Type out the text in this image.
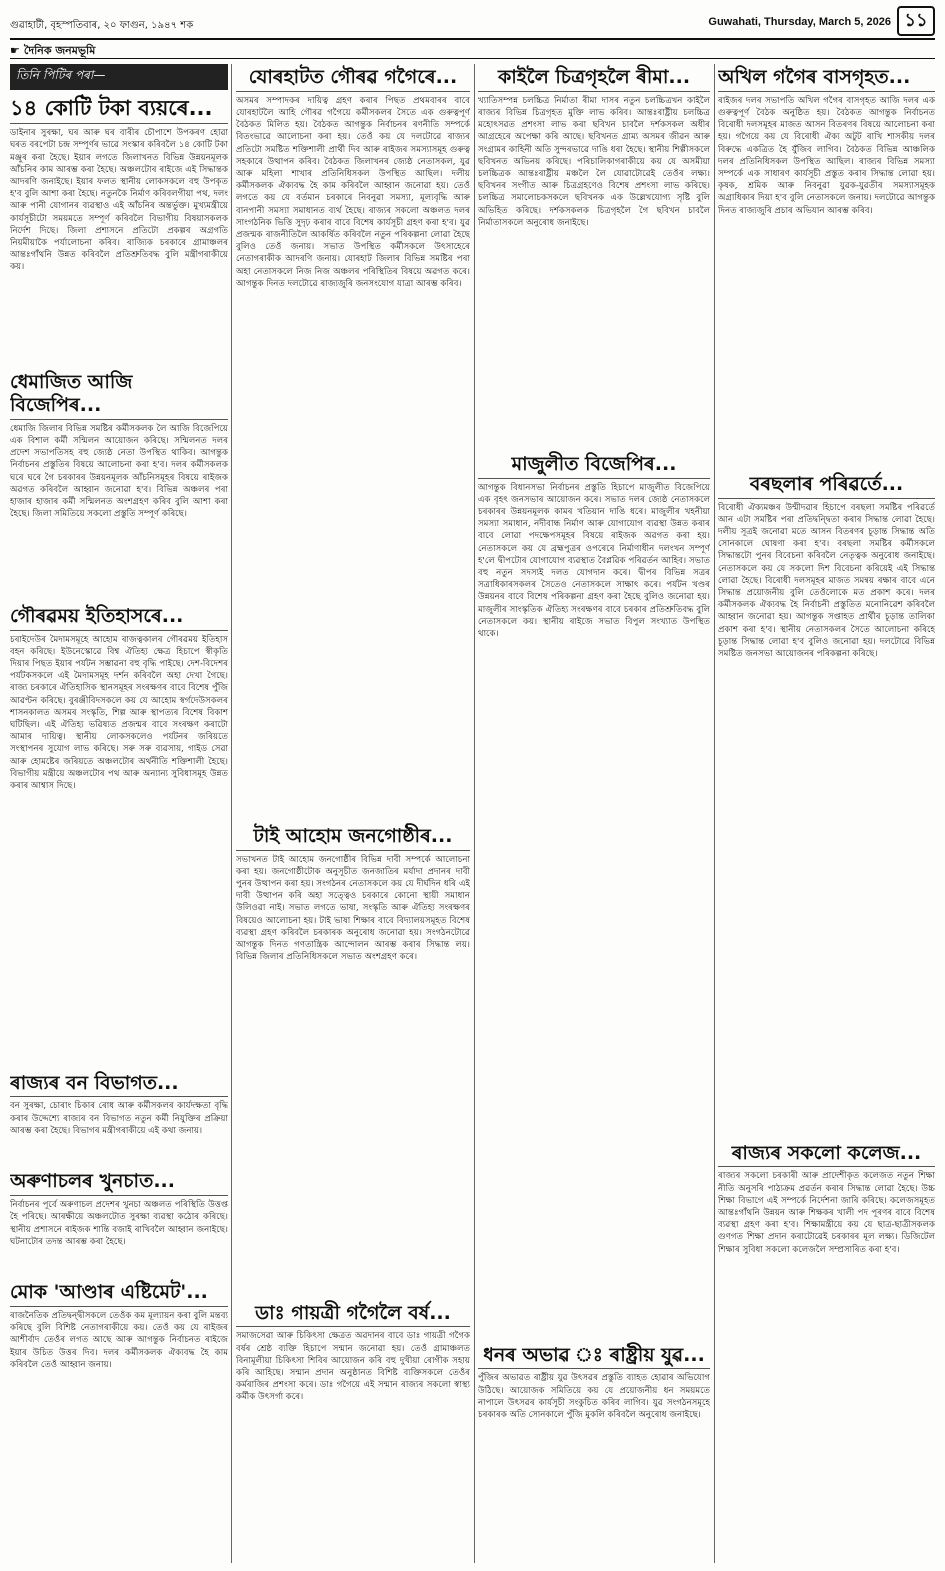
গুৱাহাটী, বৃহস্পতিবাৰ, ২০ ফাগুন, ১৯৪৭ শক	Guwahati, Thursday, March 5, 2026 ১১
☛ দৈনিক জনমভূমি
তিনি পিটিৰ পৰা—
১৪ কোটি টকা ব্যয়ৰে...
ডাইনাৰ সুৰক্ষা, ঘৰ আৰু ঘৰ বাৰীৰ চৌপাশে উপকৰণ হোৱা ঘৰত বৰপেটা চন্দ্ৰ সম্পূৰ্ণৰ ভাৱে সংস্কাৰ কৰিবলৈ ১৪ কোটি টকা মঞ্জুৰ কৰা হৈছে। ইয়াৰ লগতে জিলাখনত বিভিন্ন উন্নয়নমূলক আঁচনিৰ কাম আৰম্ভ কৰা হৈছে। অঞ্চলটোৰ ৰাইজে এই সিদ্ধান্তক আদৰণি জনাইছে। ইয়াৰ ফলত স্থানীয় লোকসকলে বহু উপকৃত হ'ব বুলি আশা কৰা হৈছে। নতুনকৈ নিৰ্মাণ কৰিবলগীয়া পথ, দলং আৰু পানী যোগানৰ ব্যৱস্থাও এই আঁচনিৰ অন্তৰ্ভুক্ত। মুখ্যমন্ত্ৰীয়ে কাৰ্যসূচীটো সময়মতে সম্পূৰ্ণ কৰিবলৈ বিভাগীয় বিষয়াসকলক নিৰ্দেশ দিছে। জিলা প্ৰশাসনে প্ৰতিটো প্ৰকল্পৰ অগ্ৰগতি নিয়মীয়াকৈ পৰ্যালোচনা কৰিব। ৰাজ্যিক চৰকাৰে গ্ৰামাঞ্চলৰ আন্তঃগাঁথনি উন্নত কৰিবলৈ প্ৰতিশ্ৰুতিবদ্ধ বুলি মন্ত্ৰীগৰাকীয়ে কয়।
ধেমাজিত আজি বিজেপিৰ...
ধেমাজি জিলাৰ বিভিন্ন সমষ্টিৰ কৰ্মীসকলক লৈ আজি বিজেপিয়ে এক বিশাল কৰ্মী সন্মিলন আয়োজন কৰিছে। সন্মিলনত দলৰ প্ৰদেশ সভাপতিসহ বহু জ্যেষ্ঠ নেতা উপস্থিত থাকিব। আগন্তুক নিৰ্বাচনৰ প্ৰস্তুতিৰ বিষয়ে আলোচনা কৰা হ'ব। দলৰ কৰ্মীসকলক ঘৰে ঘৰে গৈ চৰকাৰৰ উন্নয়নমূলক আঁচনিসমূহৰ বিষয়ে ৰাইজক অৱগত কৰিবলৈ আহ্বান জনোৱা হ'ব। বিভিন্ন অঞ্চলৰ পৰা হাজাৰ হাজাৰ কৰ্মী সন্মিলনত অংশগ্ৰহণ কৰিব বুলি আশা কৰা হৈছে। জিলা সমিতিয়ে সকলো প্ৰস্তুতি সম্পূৰ্ণ কৰিছে।
গৌৰৱময় ইতিহাসৰে...
চৰাইদেউৰ মৈদামসমূহে আহোম ৰাজত্বকালৰ গৌৰৱময় ইতিহাস বহন কৰিছে। ইউনেস্কোৱে বিশ্ব ঐতিহ্য ক্ষেত্ৰ হিচাপে স্বীকৃতি দিয়াৰ পিছত ইয়াৰ পৰ্যটন সম্ভাৱনা বহু বৃদ্ধি পাইছে। দেশ-বিদেশৰ পৰ্যটকসকলে এই মৈদামসমূহ দৰ্শন কৰিবলৈ অহা দেখা গৈছে। ৰাজ্য চৰকাৰে ঐতিহাসিক স্থানসমূহৰ সংৰক্ষণৰ বাবে বিশেষ পুঁজি আৱণ্টন কৰিছে। বুৰঞ্জীবিদসকলে কয় যে আহোম স্বৰ্গদেউসকলৰ শাসনকালত অসমৰ সংস্কৃতি, শিল্প আৰু স্থাপত্যৰ বিশেষ বিকাশ ঘটিছিল। এই ঐতিহ্য ভৱিষ্যত প্ৰজন্মৰ বাবে সংৰক্ষণ কৰাটো আমাৰ দায়িত্ব। স্থানীয় লোকসকলেও পৰ্যটনৰ জৰিয়তে সংস্থাপনৰ সুযোগ লাভ কৰিছে। সৰু সৰু ব্যৱসায়, গাইড সেৱা আৰু হোমষ্টেৰ জৰিয়তে অঞ্চলটোৰ অৰ্থনীতি শক্তিশালী হৈছে। বিভাগীয় মন্ত্ৰীয়ে অঞ্চলটোৰ পথ আৰু অন্যান্য সুবিধাসমূহ উন্নত কৰাৰ আশ্বাস দিছে।
ৰাজ্যৰ বন বিভাগত...
বন সুৰক্ষা, চোৰাং চিকাৰ ৰোধ আৰু কৰ্মীসকলৰ কাৰ্যদক্ষতা বৃদ্ধি কৰাৰ উদ্দেশ্যে ৰাজ্যৰ বন বিভাগত নতুন কৰ্মী নিযুক্তিৰ প্ৰক্ৰিয়া আৰম্ভ কৰা হৈছে। বিভাগৰ মন্ত্ৰীগৰাকীয়ে এই কথা জনায়।
অৰুণাচলৰ খুনচাত...
নিৰ্বাচনৰ পূৰ্বে অৰুণাচল প্ৰদেশৰ খুনচা অঞ্চলত পৰিস্থিতি উত্তপ্ত হৈ পৰিছে। আৰক্ষীয়ে অঞ্চলটোত সুৰক্ষা ব্যৱস্থা কঠোৰ কৰিছে। স্থানীয় প্ৰশাসনে ৰাইজক শান্তি বজাই ৰাখিবলৈ আহ্বান জনাইছে। ঘটনাটোৰ তদন্ত আৰম্ভ কৰা হৈছে।
মোক 'আণ্ডাৰ এষ্টিমেট'...
ৰাজনৈতিক প্ৰতিদ্বন্দ্বীসকলে তেওঁক কম মূল্যায়ন কৰা বুলি মন্তব্য কৰিছে বুলি বিশিষ্ট নেতাগৰাকীয়ে কয়। তেওঁ কয় যে ৰাইজৰ আশীৰ্বাদ তেওঁৰ লগত আছে আৰু আগন্তুক নিৰ্বাচনত ৰাইজে ইয়াৰ উচিত উত্তৰ দিব। দলৰ কৰ্মীসকলক ঐক্যবদ্ধ হৈ কাম কৰিবলৈ তেওঁ আহ্বান জনায়।
যোৰহাটত গৌৰৱ গগৈৰে...
অসমৰ সম্পাদকৰ দায়িত্ব গ্ৰহণ কৰাৰ পিছত প্ৰথমবাৰৰ বাবে যোৰহাটলৈ আহি গৌৰৱ গগৈয়ে কৰ্মীসকলৰ সৈতে এক গুৰুত্বপূৰ্ণ বৈঠকত মিলিত হয়। বৈঠকত আগন্তুক নিৰ্বাচনৰ ৰণনীতি সম্পৰ্কে বিতংভাৱে আলোচনা কৰা হয়। তেওঁ কয় যে দলটোৱে ৰাজ্যৰ প্ৰতিটো সমষ্টিত শক্তিশালী প্ৰাৰ্থী দিব আৰু ৰাইজৰ সমস্যাসমূহ গুৰুত্ব সহকাৰে উত্থাপন কৰিব। বৈঠকত জিলাখনৰ জ্যেষ্ঠ নেতাসকল, যুৱ আৰু মহিলা শাখাৰ প্ৰতিনিধিসকল উপস্থিত আছিল। দলীয় কৰ্মীসকলক ঐক্যবদ্ধ হৈ কাম কৰিবলৈ আহ্বান জনোৱা হয়। তেওঁ লগতে কয় যে বৰ্তমান চৰকাৰে নিবনুৱা সমস্যা, মূল্যবৃদ্ধি আৰু বানপানী সমস্যা সমাধানত ব্যৰ্থ হৈছে। ৰাজ্যৰ সকলো অঞ্চলত দলৰ সাংগঠনিক ভিত্তি সুদৃঢ় কৰাৰ বাবে বিশেষ কাৰ্যসূচী গ্ৰহণ কৰা হ'ব। যুৱ প্ৰজন্মক ৰাজনীতিলৈ আকৰ্ষিত কৰিবলৈ নতুন পৰিকল্পনা লোৱা হৈছে বুলিও তেওঁ জনায়। সভাত উপস্থিত কৰ্মীসকলে উৎসাহেৰে নেতাগৰাকীক আদৰণি জনায়। যোৰহাট জিলাৰ বিভিন্ন সমষ্টিৰ পৰা অহা নেতাসকলে নিজ নিজ অঞ্চলৰ পৰিস্থিতিৰ বিষয়ে অৱগত কৰে। আগন্তুক দিনত দলটোৱে ৰাজ্যজুৰি জনসংযোগ যাত্ৰা আৰম্ভ কৰিব।
টাই আহোম জনগোষ্ঠীৰ...
সভাখনত টাই আহোম জনগোষ্ঠীৰ বিভিন্ন দাবী সম্পৰ্কে আলোচনা কৰা হয়। জনগোষ্ঠীটোক অনুসূচীত জনজাতিৰ মৰ্যাদা প্ৰদানৰ দাবী পুনৰ উত্থাপন কৰা হয়। সংগঠনৰ নেতাসকলে কয় যে দীৰ্ঘদিন ধৰি এই দাবী উত্থাপন কৰি অহা সত্ত্বেও চৰকাৰে কোনো স্থায়ী সমাধান উলিওৱা নাই। সভাত লগতে ভাষা, সংস্কৃতি আৰু ঐতিহ্য সংৰক্ষণৰ বিষয়েও আলোচনা হয়। টাই ভাষা শিক্ষাৰ বাবে বিদ্যালয়সমূহত বিশেষ ব্যৱস্থা গ্ৰহণ কৰিবলৈ চৰকাৰক অনুৰোধ জনোৱা হয়। সংগঠনটোৱে আগন্তুক দিনত গণতান্ত্ৰিক আন্দোলন আৰম্ভ কৰাৰ সিদ্ধান্ত লয়। বিভিন্ন জিলাৰ প্ৰতিনিধিসকলে সভাত অংশগ্ৰহণ কৰে।
ডাঃ গায়ত্ৰী গগৈলৈ বৰ্ষ...
সমাজসেৱা আৰু চিকিৎসা ক্ষেত্ৰত অৱদানৰ বাবে ডাঃ গায়ত্ৰী গগৈক বৰ্ষৰ শ্ৰেষ্ঠ ব্যক্তি হিচাপে সন্মান জনোৱা হয়। তেওঁ গ্ৰামাঞ্চলত বিনামূলীয়া চিকিৎসা শিবিৰ আয়োজন কৰি বহু দুখীয়া ৰোগীক সহায় কৰি আহিছে। সন্মান প্ৰদান অনুষ্ঠানত বিশিষ্ট ব্যক্তিসকলে তেওঁৰ কৰ্মৰাজিৰ প্ৰশংসা কৰে। ডাঃ গগৈয়ে এই সন্মান ৰাজ্যৰ সকলো স্বাস্থ্য কৰ্মীক উৎসৰ্গা কৰে।
কাইলৈ চিত্ৰগৃহলৈ ৰীমা...
খ্যাতিসম্পন্ন চলচ্চিত্ৰ নিৰ্মাতা ৰীমা দাসৰ নতুন চলচ্চিত্ৰখন কাইলৈ ৰাজ্যৰ বিভিন্ন চিত্ৰগৃহত মুক্তি লাভ কৰিব। আন্তঃৰাষ্ট্ৰীয় চলচ্চিত্ৰ মহোৎসৱত প্ৰশংসা লাভ কৰা ছবিখন চাবলৈ দৰ্শকসকল অধীৰ আগ্ৰহেৰে অপেক্ষা কৰি আছে। ছবিখনত গ্ৰাম্য অসমৰ জীৱন আৰু সংগ্ৰামৰ কাহিনী অতি সুন্দৰভাৱে দাঙি ধৰা হৈছে। স্থানীয় শিল্পীসকলে ছবিখনত অভিনয় কৰিছে। পৰিচালিকাগৰাকীয়ে কয় যে অসমীয়া চলচ্চিত্ৰক আন্তঃৰাষ্ট্ৰীয় মঞ্চলৈ লৈ যোৱাটোৱেই তেওঁৰ লক্ষ্য। ছবিখনৰ সংগীত আৰু চিত্ৰগ্ৰহণেও বিশেষ প্ৰশংসা লাভ কৰিছে। চলচ্চিত্ৰ সমালোচকসকলে ছবিখনক এক উল্লেখযোগ্য সৃষ্টি বুলি অভিহিত কৰিছে। দৰ্শকসকলক চিত্ৰগৃহলৈ গৈ ছবিখন চাবলৈ নিৰ্মাতাসকলে অনুৰোধ জনাইছে।
মাজুলীত বিজেপিৰ...
আগন্তুক বিধানসভা নিৰ্বাচনৰ প্ৰস্তুতি হিচাপে মাজুলীত বিজেপিয়ে এক বৃহৎ জনসভাৰ আয়োজন কৰে। সভাত দলৰ জ্যেষ্ঠ নেতাসকলে চৰকাৰৰ উন্নয়নমূলক কামৰ খতিয়ান দাঙি ধৰে। মাজুলীৰ খহনীয়া সমস্যা সমাধান, নদীবান্ধ নিৰ্মাণ আৰু যোগাযোগ ব্যৱস্থা উন্নত কৰাৰ বাবে লোৱা পদক্ষেপসমূহৰ বিষয়ে ৰাইজক অৱগত কৰা হয়। নেতাসকলে কয় যে ব্ৰহ্মপুত্ৰৰ ওপৰেৰে নিৰ্মাণাধীন দলংখন সম্পূৰ্ণ হ'লে দ্বীপটোৰ যোগাযোগ ব্যৱস্থাত বৈপ্লৱিক পৰিৱৰ্তন আহিব। সভাত বহু নতুন সদস্যই দলত যোগদান কৰে। দ্বীপৰ বিভিন্ন সত্ৰৰ সত্ৰাধিকাৰসকলৰ সৈতেও নেতাসকলে সাক্ষাৎ কৰে। পৰ্যটন খণ্ডৰ উন্নয়নৰ বাবে বিশেষ পৰিকল্পনা গ্ৰহণ কৰা হৈছে বুলিও জনোৱা হয়। মাজুলীৰ সাংস্কৃতিক ঐতিহ্য সংৰক্ষণৰ বাবে চৰকাৰ প্ৰতিশ্ৰুতিবদ্ধ বুলি নেতাসকলে কয়। স্থানীয় ৰাইজে সভাত বিপুল সংখ্যাত উপস্থিত থাকে।
ধনৰ অভাৱ ঃ ৰাষ্ট্ৰীয় যুৱ...
পুঁজিৰ অভাৱত ৰাষ্ট্ৰীয় যুৱ উৎসৱৰ প্ৰস্তুতি ব্যাহত হোৱাৰ অভিযোগ উঠিছে। আয়োজক সমিতিয়ে কয় যে প্ৰয়োজনীয় ধন সময়মতে নাপালে উৎসৱৰ কাৰ্যসূচী সংকুচিত কৰিব লাগিব। যুৱ সংগঠনসমূহে চৰকাৰক অতি সোনকালে পুঁজি মুকলি কৰিবলৈ অনুৰোধ জনাইছে।
অখিল গগৈৰ বাসগৃহত...
ৰাইজৰ দলৰ সভাপতি অখিল গগৈৰ বাসগৃহত আজি দলৰ এক গুৰুত্বপূৰ্ণ বৈঠক অনুষ্ঠিত হয়। বৈঠকত আগন্তুক নিৰ্বাচনত বিৰোধী দলসমূহৰ মাজত আসন বিতৰণৰ বিষয়ে আলোচনা কৰা হয়। গগৈয়ে কয় যে বিৰোধী ঐক্য অটুট ৰাখি শাসকীয় দলৰ বিৰুদ্ধে একত্ৰিত হৈ যুঁজিব লাগিব। বৈঠকত বিভিন্ন আঞ্চলিক দলৰ প্ৰতিনিধিসকল উপস্থিত আছিল। ৰাজ্যৰ বিভিন্ন সমস্যা সম্পৰ্কে এক সাধাৰণ কাৰ্যসূচী প্ৰস্তুত কৰাৰ সিদ্ধান্ত লোৱা হয়। কৃষক, শ্ৰমিক আৰু নিবনুৱা যুৱক-যুৱতীৰ সমস্যাসমূহক অগ্ৰাধিকাৰ দিয়া হ'ব বুলি নেতাসকলে জনায়। দলটোৱে আগন্তুক দিনত ৰাজ্যজুৰি প্ৰচাৰ অভিযান আৰম্ভ কৰিব।
বৰছলাৰ পৰিৱৰ্তে...
বিৰোধী ঐক্যমঞ্চৰ উম্মীদৱাৰ হিচাপে বৰছলা সমষ্টিৰ পৰিৱৰ্তে আন এটা সমষ্টিৰ পৰা প্ৰতিদ্বন্দ্বিতা কৰাৰ সিদ্ধান্ত লোৱা হৈছে। দলীয় সূত্ৰই জনোৱা মতে আসন বিতৰণৰ চূড়ান্ত সিদ্ধান্ত অতি সোনকালে ঘোষণা কৰা হ'ব। বৰছলা সমষ্টিৰ কৰ্মীসকলে সিদ্ধান্তটো পুনৰ বিবেচনা কৰিবলৈ নেতৃত্বক অনুৰোধ জনাইছে। নেতাসকলে কয় যে সকলো দিশ বিবেচনা কৰিয়েই এই সিদ্ধান্ত লোৱা হৈছে। বিৰোধী দলসমূহৰ মাজত সমন্বয় ৰক্ষাৰ বাবে এনে সিদ্ধান্ত প্ৰয়োজনীয় বুলি তেওঁলোকে মত প্ৰকাশ কৰে। দলৰ কৰ্মীসকলক ঐক্যবদ্ধ হৈ নিৰ্বাচনী প্ৰস্তুতিত মনোনিৱেশ কৰিবলৈ আহ্বান জনোৱা হয়। আগন্তুক সপ্তাহত প্ৰাৰ্থীৰ চূড়ান্ত তালিকা প্ৰকাশ কৰা হ'ব। স্থানীয় নেতাসকলৰ সৈতে আলোচনা কৰিহে চূড়ান্ত সিদ্ধান্ত লোৱা হ'ব বুলিও জনোৱা হয়। দলটোৱে বিভিন্ন সমষ্টিত জনসভা আয়োজনৰ পৰিকল্পনা কৰিছে।
ৰাজ্যৰ সকলো কলেজ...
ৰাজ্যৰ সকলো চৰকাৰী আৰু প্ৰাদেশীকৃত কলেজত নতুন শিক্ষা নীতি অনুসৰি পাঠ্যক্ৰম প্ৰৱৰ্তন কৰাৰ সিদ্ধান্ত লোৱা হৈছে। উচ্চ শিক্ষা বিভাগে এই সম্পৰ্কে নিৰ্দেশনা জাৰি কৰিছে। কলেজসমূহত আন্তঃগাঁথনি উন্নয়ন আৰু শিক্ষকৰ খালী পদ পূৰণৰ বাবে বিশেষ ব্যৱস্থা গ্ৰহণ কৰা হ'ব। শিক্ষামন্ত্ৰীয়ে কয় যে ছাত্ৰ-ছাত্ৰীসকলক গুণগত শিক্ষা প্ৰদান কৰাটোৱেই চৰকাৰৰ মূল লক্ষ্য। ডিজিটেল শিক্ষাৰ সুবিধা সকলো কলেজলৈ সম্প্ৰসাৰিত কৰা হ'ব।
